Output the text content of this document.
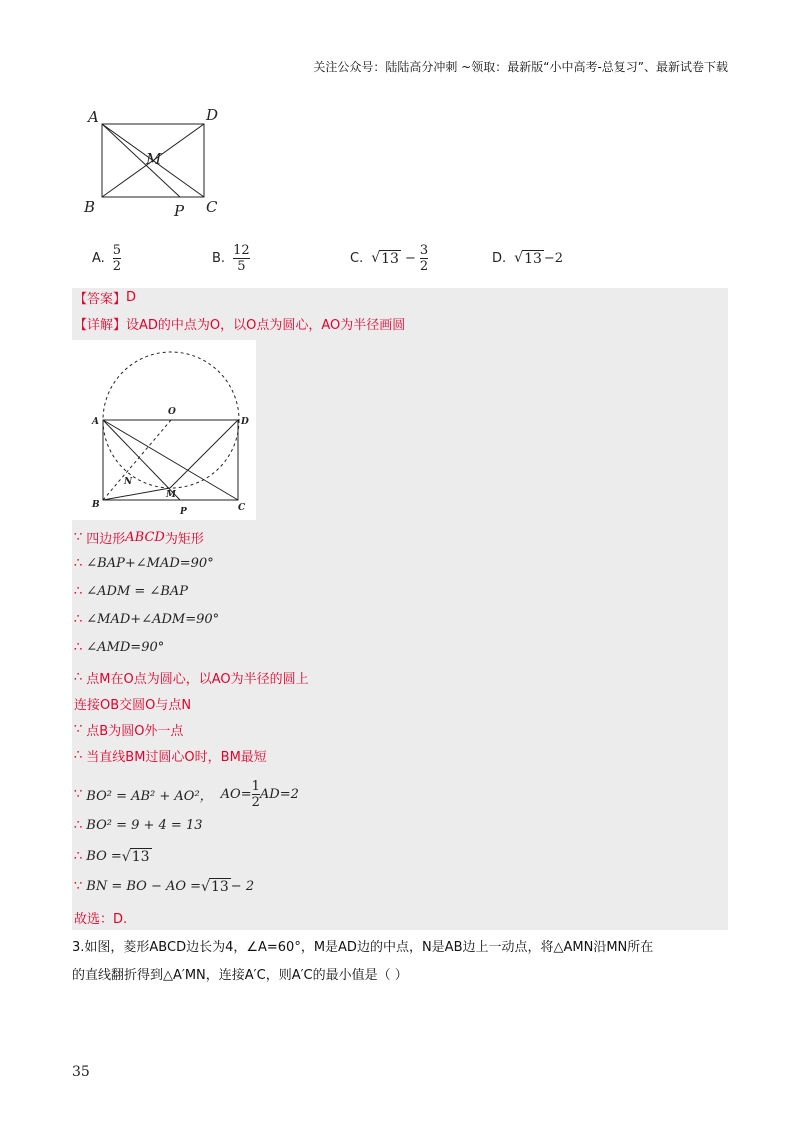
关注公众号：陆陆高分冲刺 ~领取：最新版“小中高考-总复习”、最新试卷下载
A	D
M
B	P C
A. $\frac{5}{2}$	B. $\frac{12}{5}$	C. √ $13 - \frac{3}{2}$	D. √ 13 −2
【答案】 D
【详解】 设AD的中点为O，以O点为圆心，AO为半径画圆
A
O
D
N
M
B
P	C
∵ 四边形 ABCD 为矩形
∴ ∠BAP+∠MAD=90°
∴ ∠ADM = ∠BAP
∴ ∠MAD+∠ADM=90°
∴ ∠AMD=90°
∴ 点M在O点为圆心，以AO为半径的圆上
连接OB交圆O与点N
∵ 点B为圆O外一点
∴ 当直线BM过圆心O时，BM最短
∵ BO² = AB² + AO²， $AO= \frac{1}{2} AD=2$
∴ BO² = 9 + 4 = 13
∴ BO = √ 13
∵ BN = BO − AO = √ 13 − 2
故选：D.
3.如图，菱形ABCD边长为4，∠A=60°，M是AD边的中点，N是AB边上一动点，将△AMN沿MN所在
的直线翻折得到△A′MN，连接A′C，则A′C的最小值是（ ）
35
